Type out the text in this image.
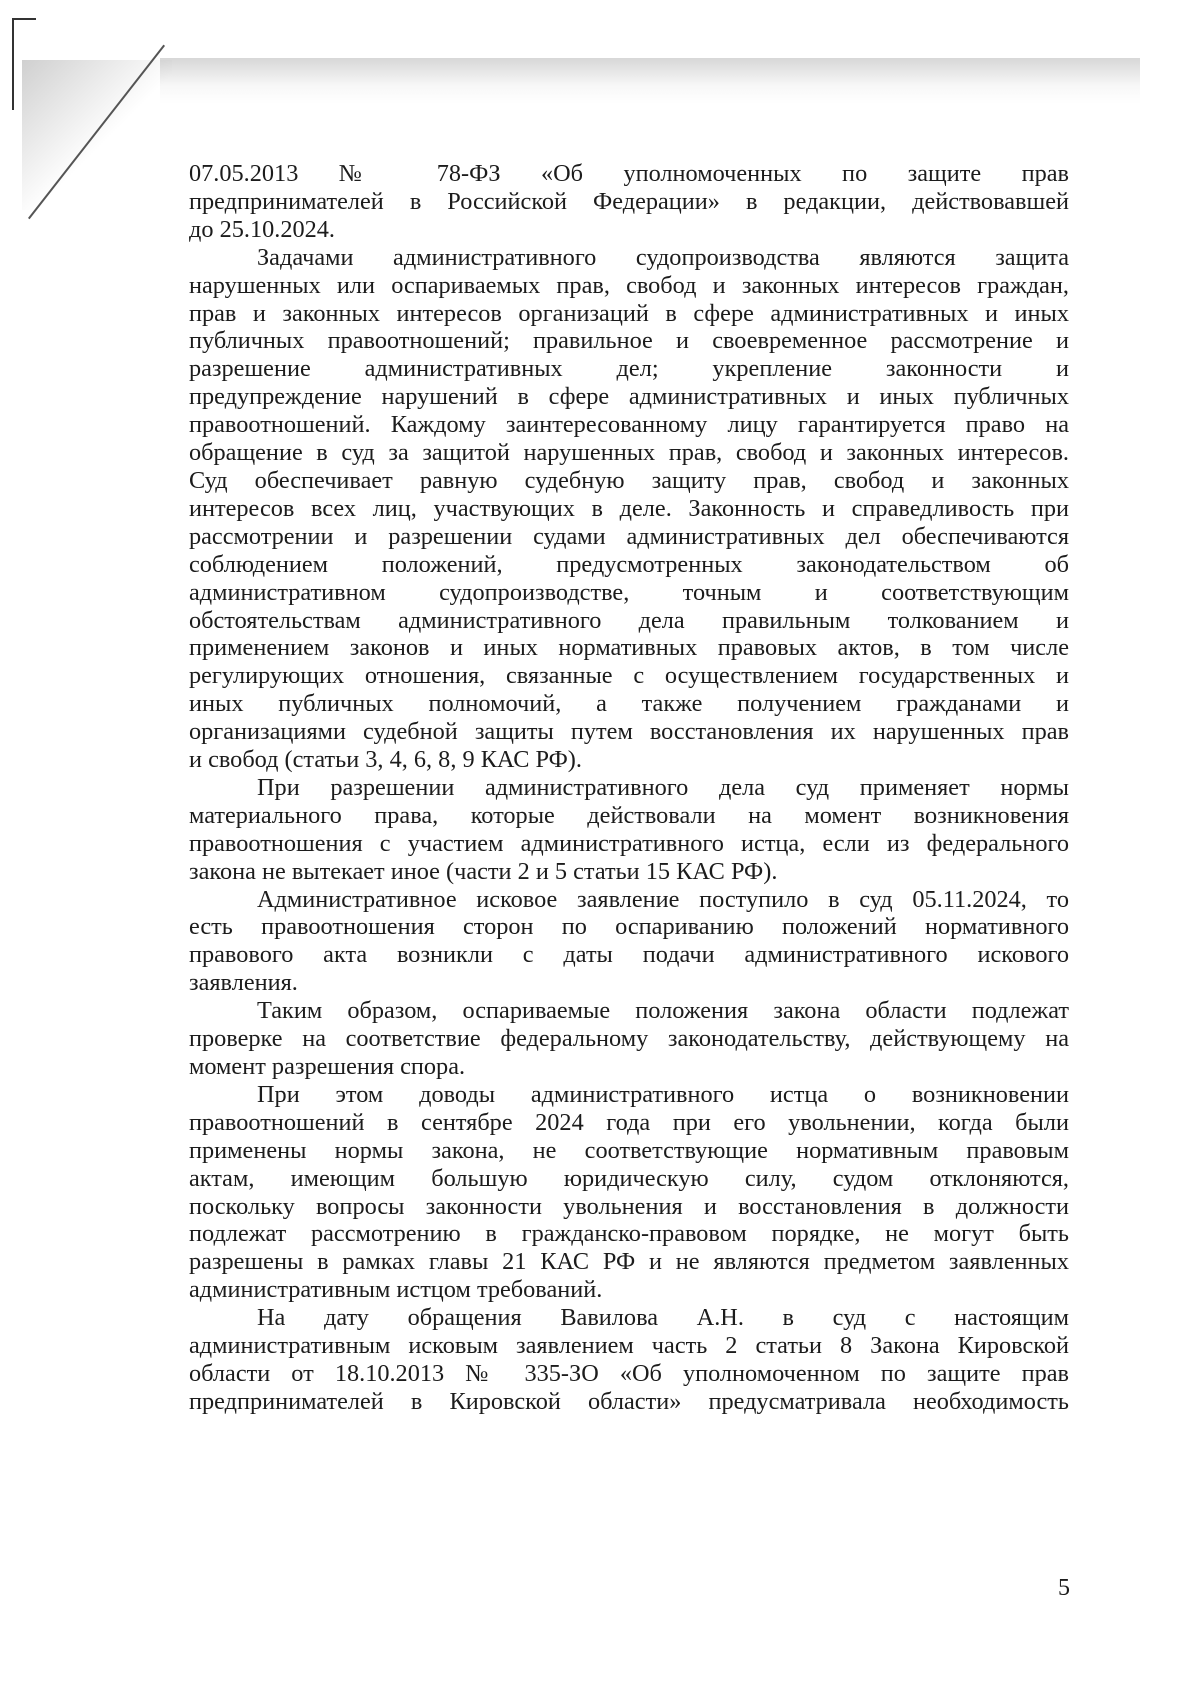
07.05.2013 № 78-ФЗ «Об уполномоченных по защите прав

предпринимателей в Российской Федерации» в редакции, действовавшей

до 25.10.2024.

Задачами административного судопроизводства являются защита

нарушенных или оспариваемых прав, свобод и законных интересов граждан,

прав и законных интересов организаций в сфере административных и иных

публичных правоотношений; правильное и своевременное рассмотрение и

разрешение административных дел; укрепление законности и

предупреждение нарушений в сфере административных и иных публичных

правоотношений. Каждому заинтересованному лицу гарантируется право на

обращение в суд за защитой нарушенных прав, свобод и законных интересов.

Суд обеспечивает равную судебную защиту прав, свобод и законных

интересов всех лиц, участвующих в деле. Законность и справедливость при

рассмотрении и разрешении судами административных дел обеспечиваются

соблюдением положений, предусмотренных законодательством об

административном судопроизводстве, точным и соответствующим

обстоятельствам административного дела правильным толкованием и

применением законов и иных нормативных правовых актов, в том числе

регулирующих отношения, связанные с осуществлением государственных и

иных публичных полномочий, а также получением гражданами и

организациями судебной защиты путем восстановления их нарушенных прав

и свобод (статьи 3, 4, 6, 8, 9 КАС РФ).

При разрешении административного дела суд применяет нормы

материального права, которые действовали на момент возникновения

правоотношения с участием административного истца, если из федерального

закона не вытекает иное (части 2 и 5 статьи 15 КАС РФ).

Административное исковое заявление поступило в суд 05.11.2024, то

есть правоотношения сторон по оспариванию положений нормативного

правового акта возникли с даты подачи административного искового

заявления.

Таким образом, оспариваемые положения закона области подлежат

проверке на соответствие федеральному законодательству, действующему на

момент разрешения спора.

При этом доводы административного истца о возникновении

правоотношений в сентябре 2024 года при его увольнении, когда были

применены нормы закона, не соответствующие нормативным правовым

актам, имеющим большую юридическую силу, судом отклоняются,

поскольку вопросы законности увольнения и восстановления в должности

подлежат рассмотрению в гражданско-правовом порядке, не могут быть

разрешены в рамках главы 21 КАС РФ и не являются предметом заявленных

административным истцом требований.

На дату обращения Вавилова А.Н. в суд с настоящим

административным исковым заявлением часть 2 статьи 8 Закона Кировской

области от 18.10.2013 № 335-ЗО «Об уполномоченном по защите прав

предпринимателей в Кировской области» предусматривала необходимость

5
